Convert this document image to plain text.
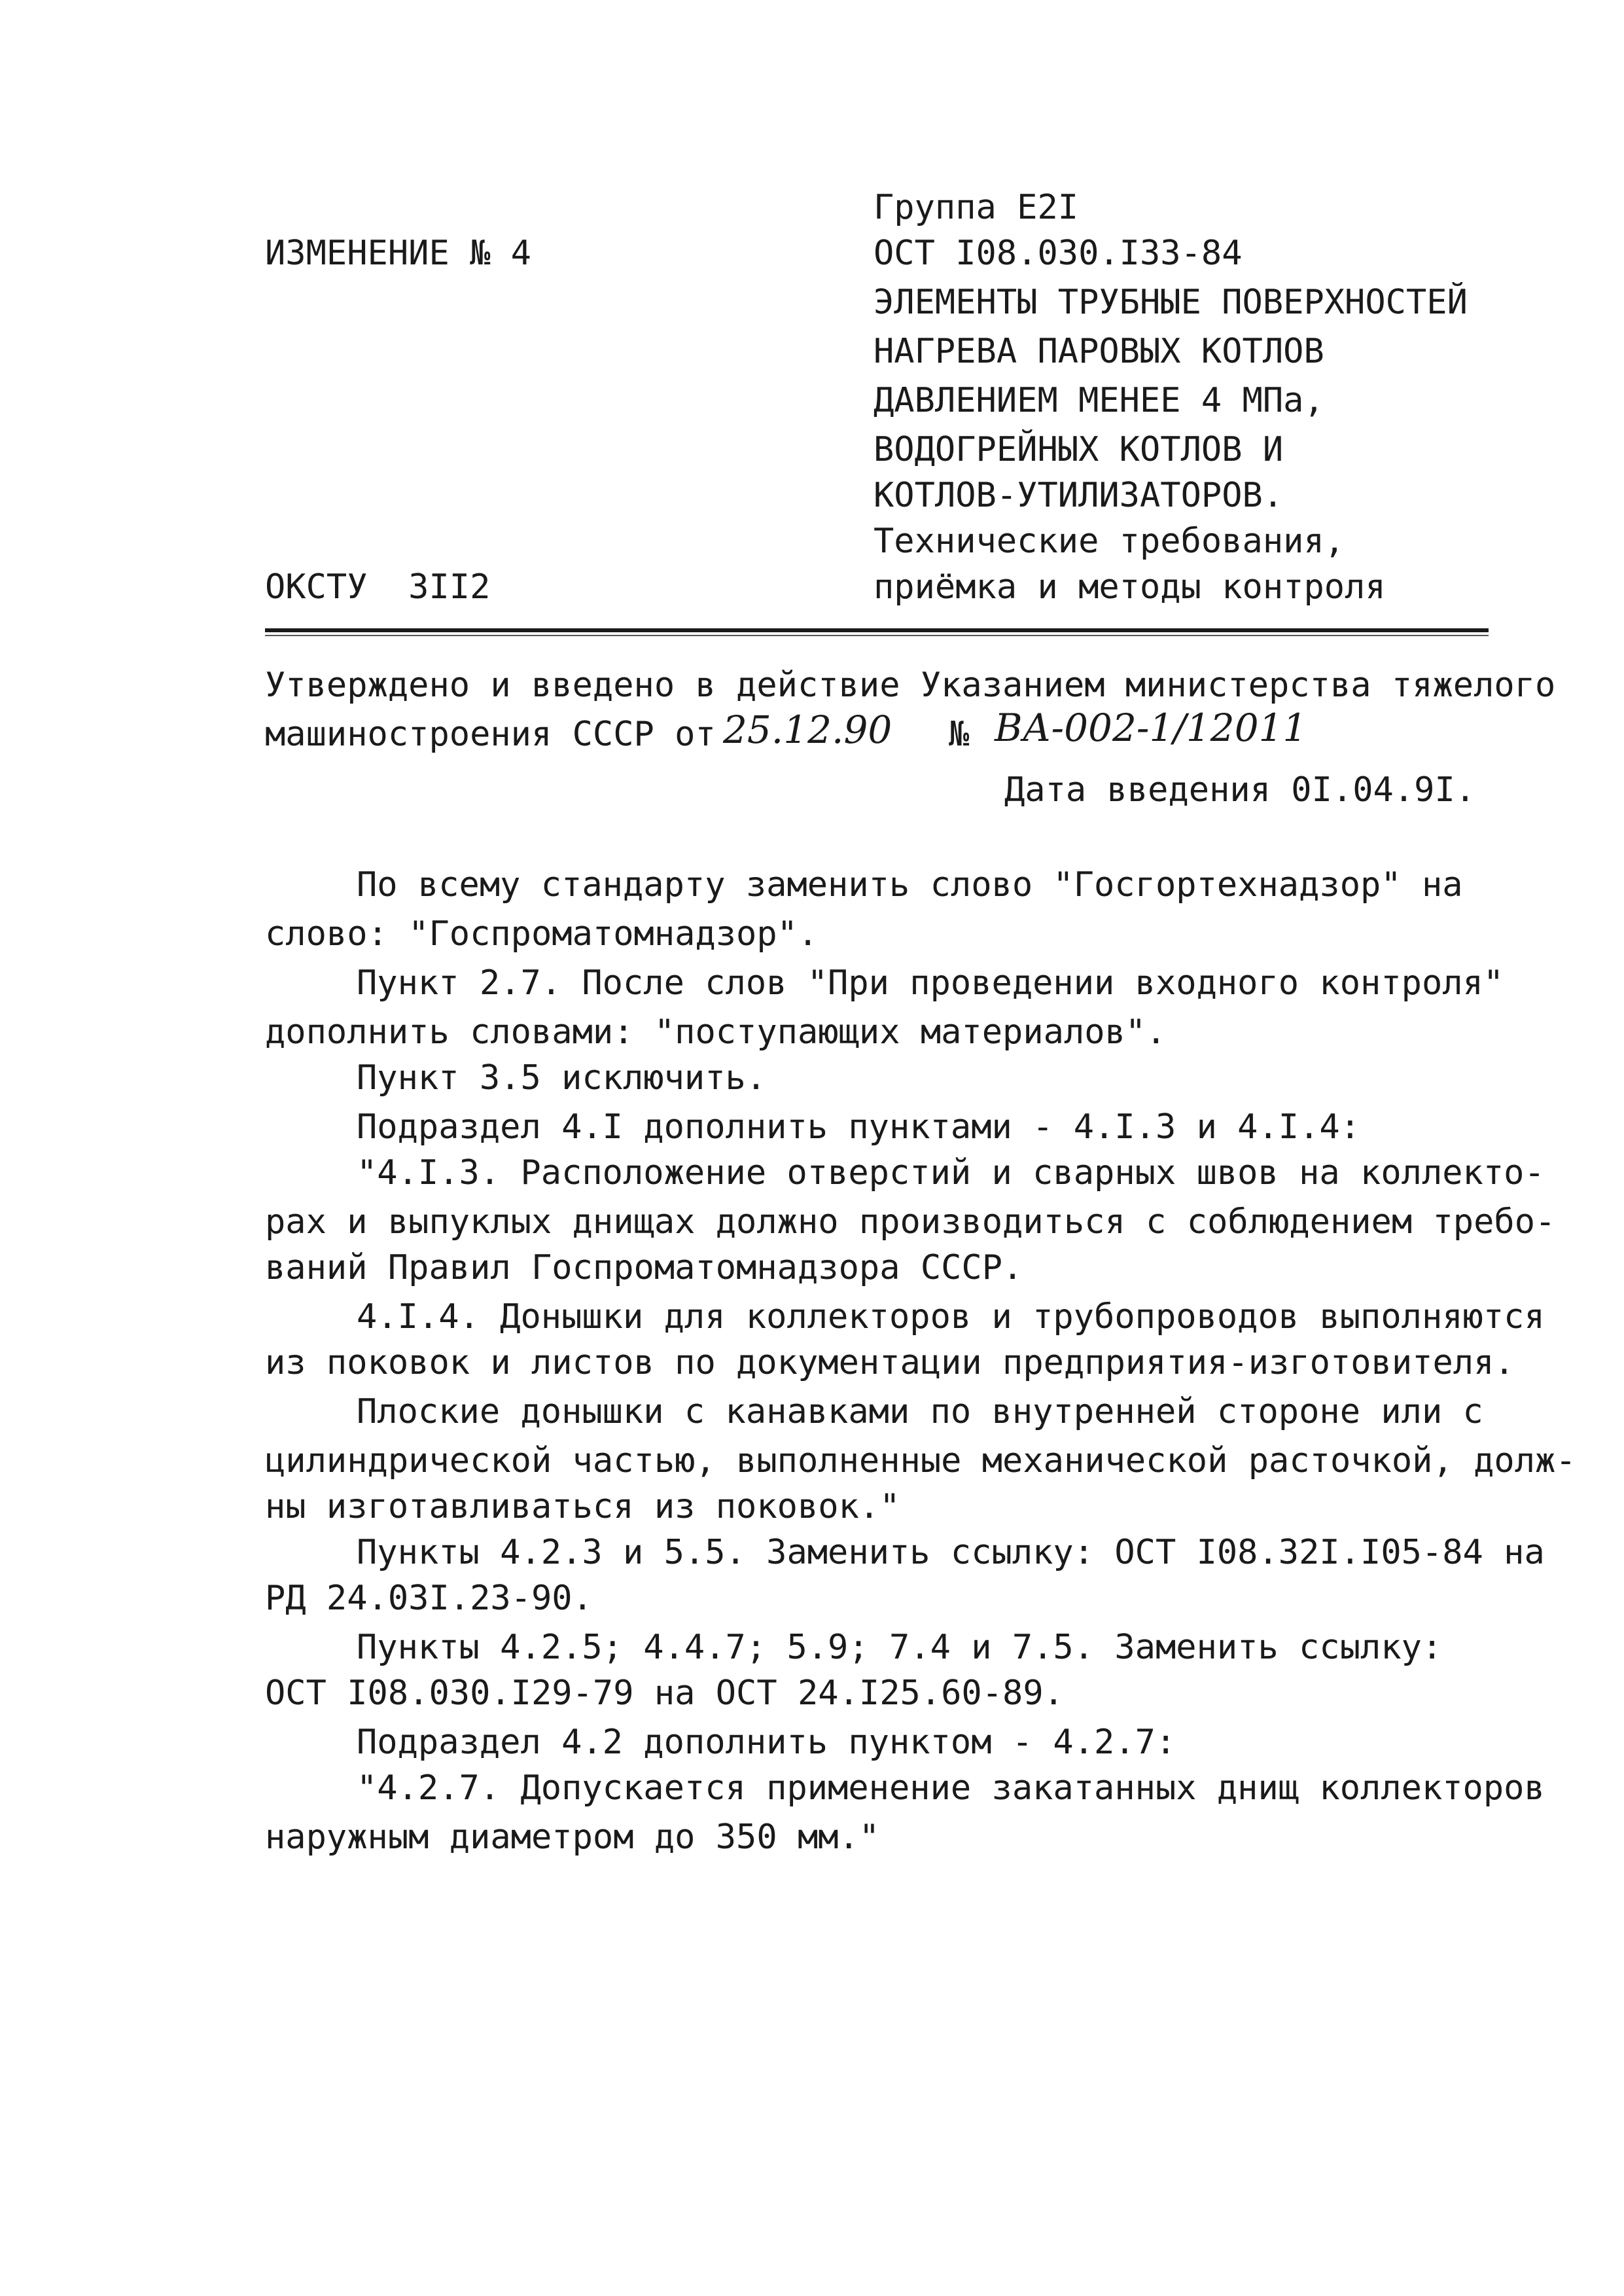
ИЗМЕНЕНИЕ № 4
ОКСТУ  3II2
Группа Е2I
ОСТ I08.030.I33-84
ЭЛЕМЕНТЫ ТРУБНЫЕ ПОВЕРХНОСТЕЙ
НАГРЕВА ПАРОВЫХ КОТЛОВ
ДАВЛЕНИЕМ МЕНЕЕ 4 МПа,
ВОДОГРЕЙНЫХ КОТЛОВ И
КОТЛОВ-УТИЛИЗАТОРОВ.
Технические требования,
приёмка и методы контроля
Утверждено и введено в действие Указанием министерства тяжелого
машиностроения СССР от 25.12.90 № ВА-002-1/12011
Дата введения 0I.04.9I.
По всему стандарту заменить слово "Госгортехнадзор" на
слово: "Госпроматомнадзор".
Пункт 2.7. После слов "При проведении входного контроля"
дополнить словами: "поступающих материалов".
Пункт 3.5 исключить.
Подраздел 4.I дополнить пунктами - 4.I.3 и 4.I.4:
"4.I.3. Расположение отверстий и сварных швов на коллекто-
рах и выпуклых днищах должно производиться с соблюдением требо-
ваний Правил Госпроматомнадзора СССР.
4.I.4. Донышки для коллекторов и трубопроводов выполняются
из поковок и листов по документации предприятия-изготовителя.
Плоские донышки с канавками по внутренней стороне или с
цилиндрической частью, выполненные механической расточкой, долж-
ны изготавливаться из поковок."
Пункты 4.2.3 и 5.5. Заменить ссылку: ОСТ I08.32I.I05-84 на
РД 24.03I.23-90.
Пункты 4.2.5; 4.4.7; 5.9; 7.4 и 7.5. Заменить ссылку:
ОСТ I08.030.I29-79 на ОСТ 24.I25.60-89.
Подраздел 4.2 дополнить пунктом - 4.2.7:
"4.2.7. Допускается применение закатанных днищ коллекторов
наружным диаметром до 350 мм."
